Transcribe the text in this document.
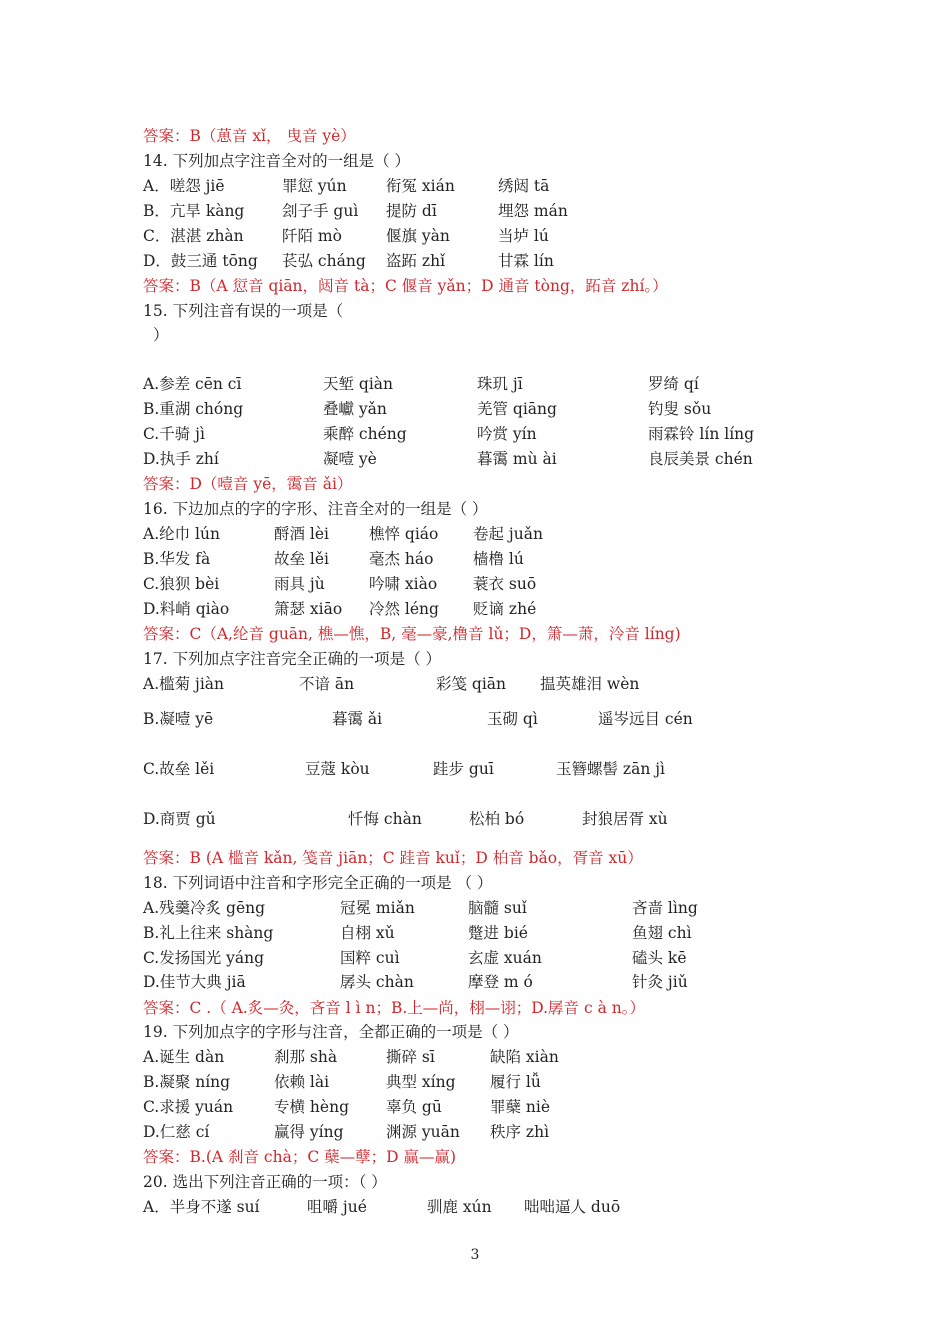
答案：B（葸音 xǐ， 曳音 yè）
14. 下列加点字注音全对的一组是（ ）
A．嗟怨 jiē	罪愆 yún	衔冤 xián	绣闼 tā
B．亢旱 kàng 刽子手 guì 提防 dī	埋怨 mán
C．湛湛 zhàn 阡陌 mò	偃旗 yàn	当垆 lú
D．鼓三通 tōng 苌弘 cháng 盗跖 zhǐ	甘霖 lín
答案：B（A 愆音 qiān，闼音 tà；C 偃音 yǎn；D 通音 tòng，跖音 zhí。）
15. 下列注音有误的一项是（
）
A.参差 cēn cī	天堑 qiàn	珠玑 jī	罗绮 qí
B.重湖 chóng	叠巘 yǎn	羌管 qiāng	钓叟 sǒu
C.千骑 jì	乘醉 chéng	吟赏 yín	雨霖铃 lín líng
D.执手 zhí	凝噎 yè	暮霭 mù ài	良辰美景 chén
答案：D（噎音 yē，霭音 ǎi）
16. 下边加点的字的字形、注音全对的一组是（ ）
A.纶巾 lún	酹酒 lèi	樵悴 qiáo 卷起 juǎn
B.华发 fà	故垒 lěi	毫杰 háo	樯橹 lú
C.狼狈 bèi	雨具 jù	吟啸 xiào 蓑衣 suō
D.料峭 qiào	箫瑟 xiāo 冷然 léng 贬谪 zhé
答案：C（A,纶音 guān, 樵—憔，B, 毫—豪,橹音 lǔ；D，箫—萧，泠音 líng)
17. 下列加点字注音完全正确的一项是（ ）
A.槛菊 jiàn	不谙 ān	彩笺 qiān 揾英雄泪 wèn
B.凝噎 yē	暮霭 ǎi	玉砌 qì	遥岑远目 cén
C.故垒 lěi	豆蔻 kòu	跬步 guī	玉簪螺髻 zān jì
D.商贾 gǔ	忏悔 chàn	松柏 bó	封狼居胥 xù
答案：B (A 槛音 kǎn, 笺音 jiān；C 跬音 kuǐ；D 柏音 bǎo，胥音 xū）
18. 下列词语中注音和字形完全正确的一项是 （ ）
A.残羹冷炙 gēng	冠冕 miǎn	脑髓 suǐ	吝啬 lìng
B.礼上往来 shàng	自栩 xǔ	蹩进 bié	鱼翅 chì
C.发扬国光 yáng	国粹 cuì	玄虚 xuán	磕头 kē
D.佳节大典 jiā	孱头 chàn	摩登 m ó	针灸 jiǔ
答案：C .（ A.炙—灸，吝音 l ì n；B.上—尚，栩—诩；D.孱音 c à n。）
19. 下列加点字的字形与注音，全都正确的一项是（ ）
A.诞生 dàn	刹那 shà	撕碎 sī	缺陷 xiàn
B.凝聚 níng	依赖 lài	典型 xíng 履行 lǚ
C.求援 yuán	专横 hèng 辜负 gū	罪蘖 niè
D.仁慈 cí	赢得 yíng	渊源 yuān 秩序 zhì
答案：B.(A 刹音 chà；C 蘖—孽；D 赢—赢)
20. 选出下列注音正确的一项：（ ）
A．半身不遂 suí	咀嚼 jué	驯鹿 xún 咄咄逼人 duō
3
